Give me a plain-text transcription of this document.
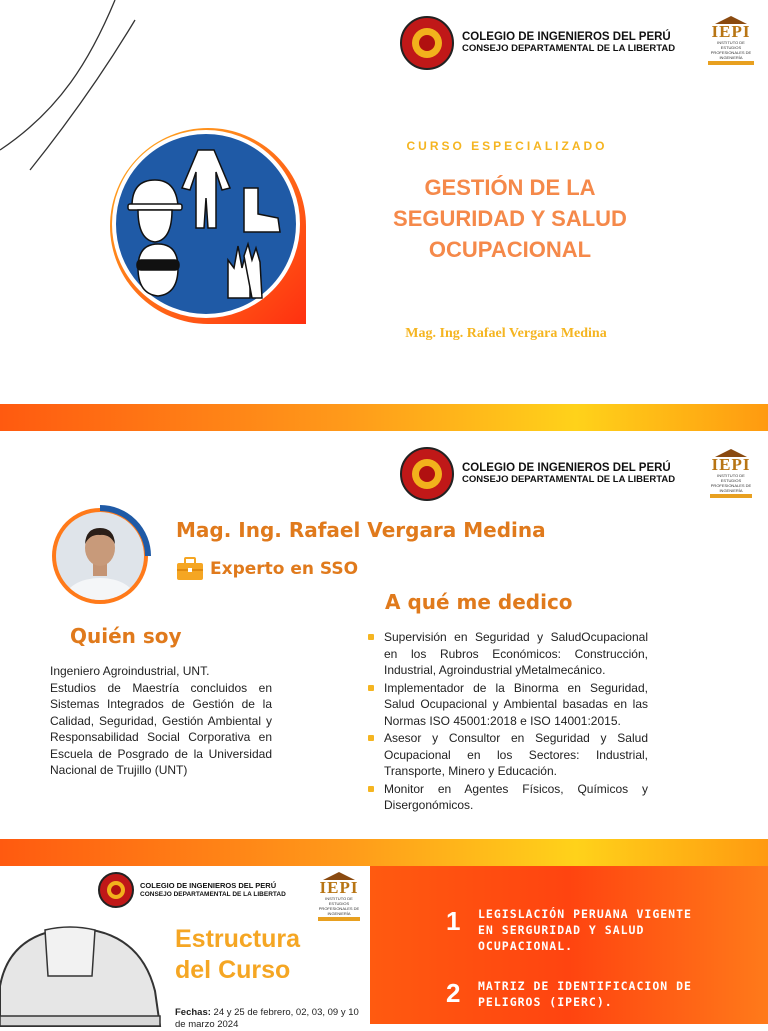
COLEGIO DE INGENIEROS DEL PERÚ
CONSEJO DEPARTAMENTAL DE LA LIBERTAD
IEPI
INSTITUTO DE ESTUDIOS PROFESIONALES DE INGENIERÍA
CURSO ESPECIALIZADO
GESTIÓN DE LA
SEGURIDAD Y SALUD
OCUPACIONAL
Mag. Ing. Rafael Vergara Medina
COLEGIO DE INGENIEROS DEL PERÚ
CONSEJO DEPARTAMENTAL DE LA LIBERTAD
IEPI
INSTITUTO DE ESTUDIOS PROFESIONALES DE INGENIERÍA
Mag. Ing. Rafael Vergara Medina
Experto en SSO
A qué me dedico
Quién soy
Ingeniero Agroindustrial, UNT.
Estudios de Maestría concluidos en Sistemas Integrados de Gestión de la Calidad, Seguridad, Gestión Ambiental y Responsabilidad Social Corporativa en Escuela de Posgrado de la Universidad Nacional de Trujillo (UNT)
Supervisión en Seguridad y SaludOcupacional en los Rubros Económicos: Construcción, Industrial, Agroindustrial yMetalmecánico.
Implementador de la Binorma en Seguridad, Salud Ocupacional y Ambiental basadas en las Normas ISO 45001:2018 e ISO 14001:2015.
Asesor y Consultor en Seguridad y Salud Ocupacional en los Sectores: Industrial, Transporte, Minero y Educación.
Monitor en Agentes Físicos, Químicos y Disergonómicos.
COLEGIO DE INGENIEROS DEL PERÚ
CONSEJO DEPARTAMENTAL DE LA LIBERTAD IEPI
INSTITUTO DE ESTUDIOS PROFESIONALES DE INGENIERÍA
Estructura
del Curso
Fechas: 24 y 25 de febrero, 02, 03, 09 y 10
de marzo 2024
1	LEGISLACIÓN PERUANA VIGENTE EN SERGURIDAD Y SALUD OCUPACIONAL.
2	MATRIZ DE IDENTIFICACION DE PELIGROS (IPERC).
